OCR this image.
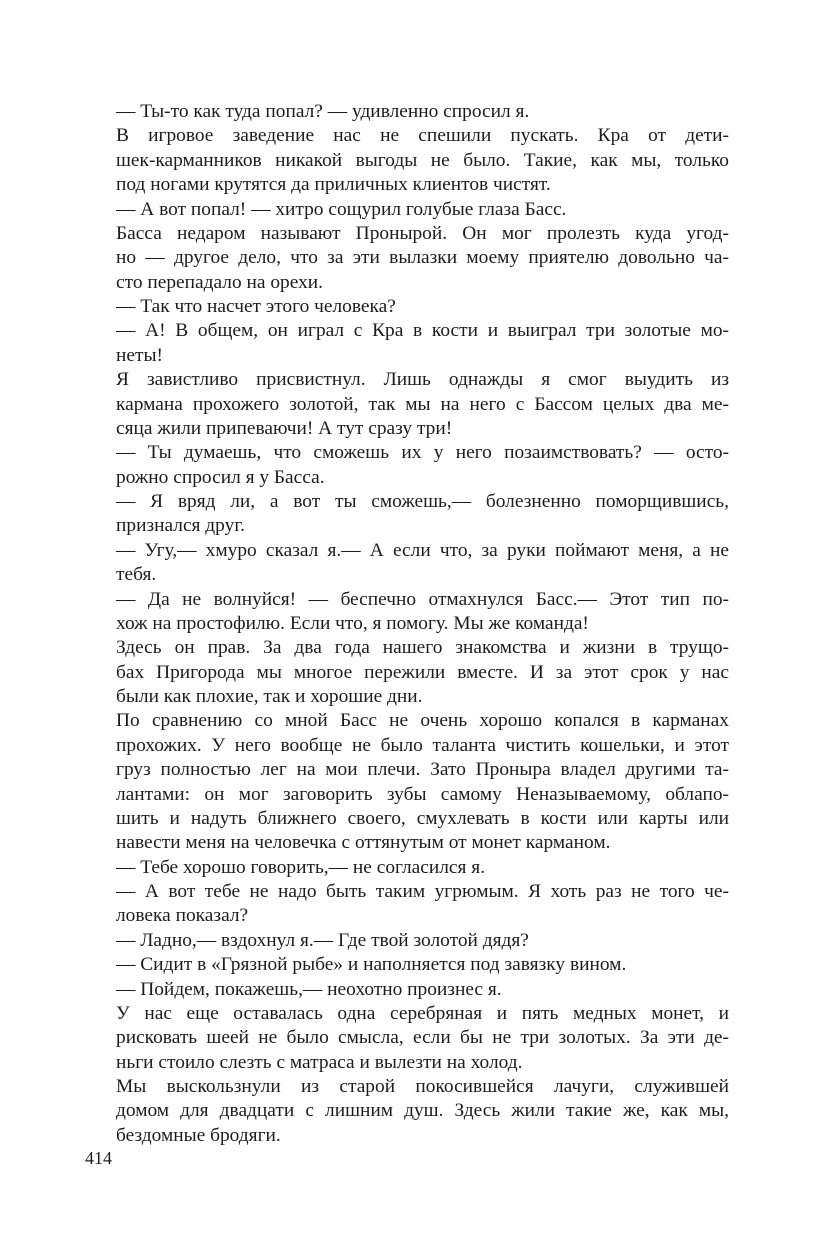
— Ты-то как туда попал? — удивленно спросил я.
В игровое заведение нас не спешили пускать. Кра от дети-
шек-карманников никакой выгоды не было. Такие, как мы, только
под ногами крутятся да приличных клиентов чистят.
— А вот попал! — хитро сощурил голубые глаза Басс.
Басса недаром называют Пронырой. Он мог пролезть куда угод-
но — другое дело, что за эти вылазки моему приятелю довольно ча-
сто перепадало на орехи.
— Так что насчет этого человека?
— А! В общем, он играл с Кра в кости и выиграл три золотые мо-
неты!
Я завистливо присвистнул. Лишь однажды я смог выудить из
кармана прохожего золотой, так мы на него с Бассом целых два ме-
сяца жили припеваючи! А тут сразу три!
— Ты думаешь, что сможешь их у него позаимствовать? — осто-
рожно спросил я у Басса.
— Я вряд ли, а вот ты сможешь,— болезненно поморщившись,
признался друг.
— Угу,— хмуро сказал я.— А если что, за руки поймают меня, а не
тебя.
— Да не волнуйся! — беспечно отмахнулся Басс.— Этот тип по-
хож на простофилю. Если что, я помогу. Мы же команда!
Здесь он прав. За два года нашего знакомства и жизни в трущо-
бах Пригорода мы многое пережили вместе. И за этот срок у нас
были как плохие, так и хорошие дни.
По сравнению со мной Басс не очень хорошо копался в карманах
прохожих. У него вообще не было таланта чистить кошельки, и этот
груз полностью лег на мои плечи. Зато Проныра владел другими та-
лантами: он мог заговорить зубы самому Неназываемому, облапо-
шить и надуть ближнего своего, смухлевать в кости или карты или
навести меня на человечка с оттянутым от монет карманом.
— Тебе хорошо говорить,— не согласился я.
— А вот тебе не надо быть таким угрюмым. Я хоть раз не того че-
ловека показал?
— Ладно,— вздохнул я.— Где твой золотой дядя?
— Сидит в «Грязной рыбе» и наполняется под завязку вином.
— Пойдем, покажешь,— неохотно произнес я.
У нас еще оставалась одна серебряная и пять медных монет, и
рисковать шеей не было смысла, если бы не три золотых. За эти де-
ньги стоило слезть с матраса и вылезти на холод.
Мы выскользнули из старой покосившейся лачуги, служившей
домом для двадцати с лишним душ. Здесь жили такие же, как мы,
бездомные бродяги.
414
